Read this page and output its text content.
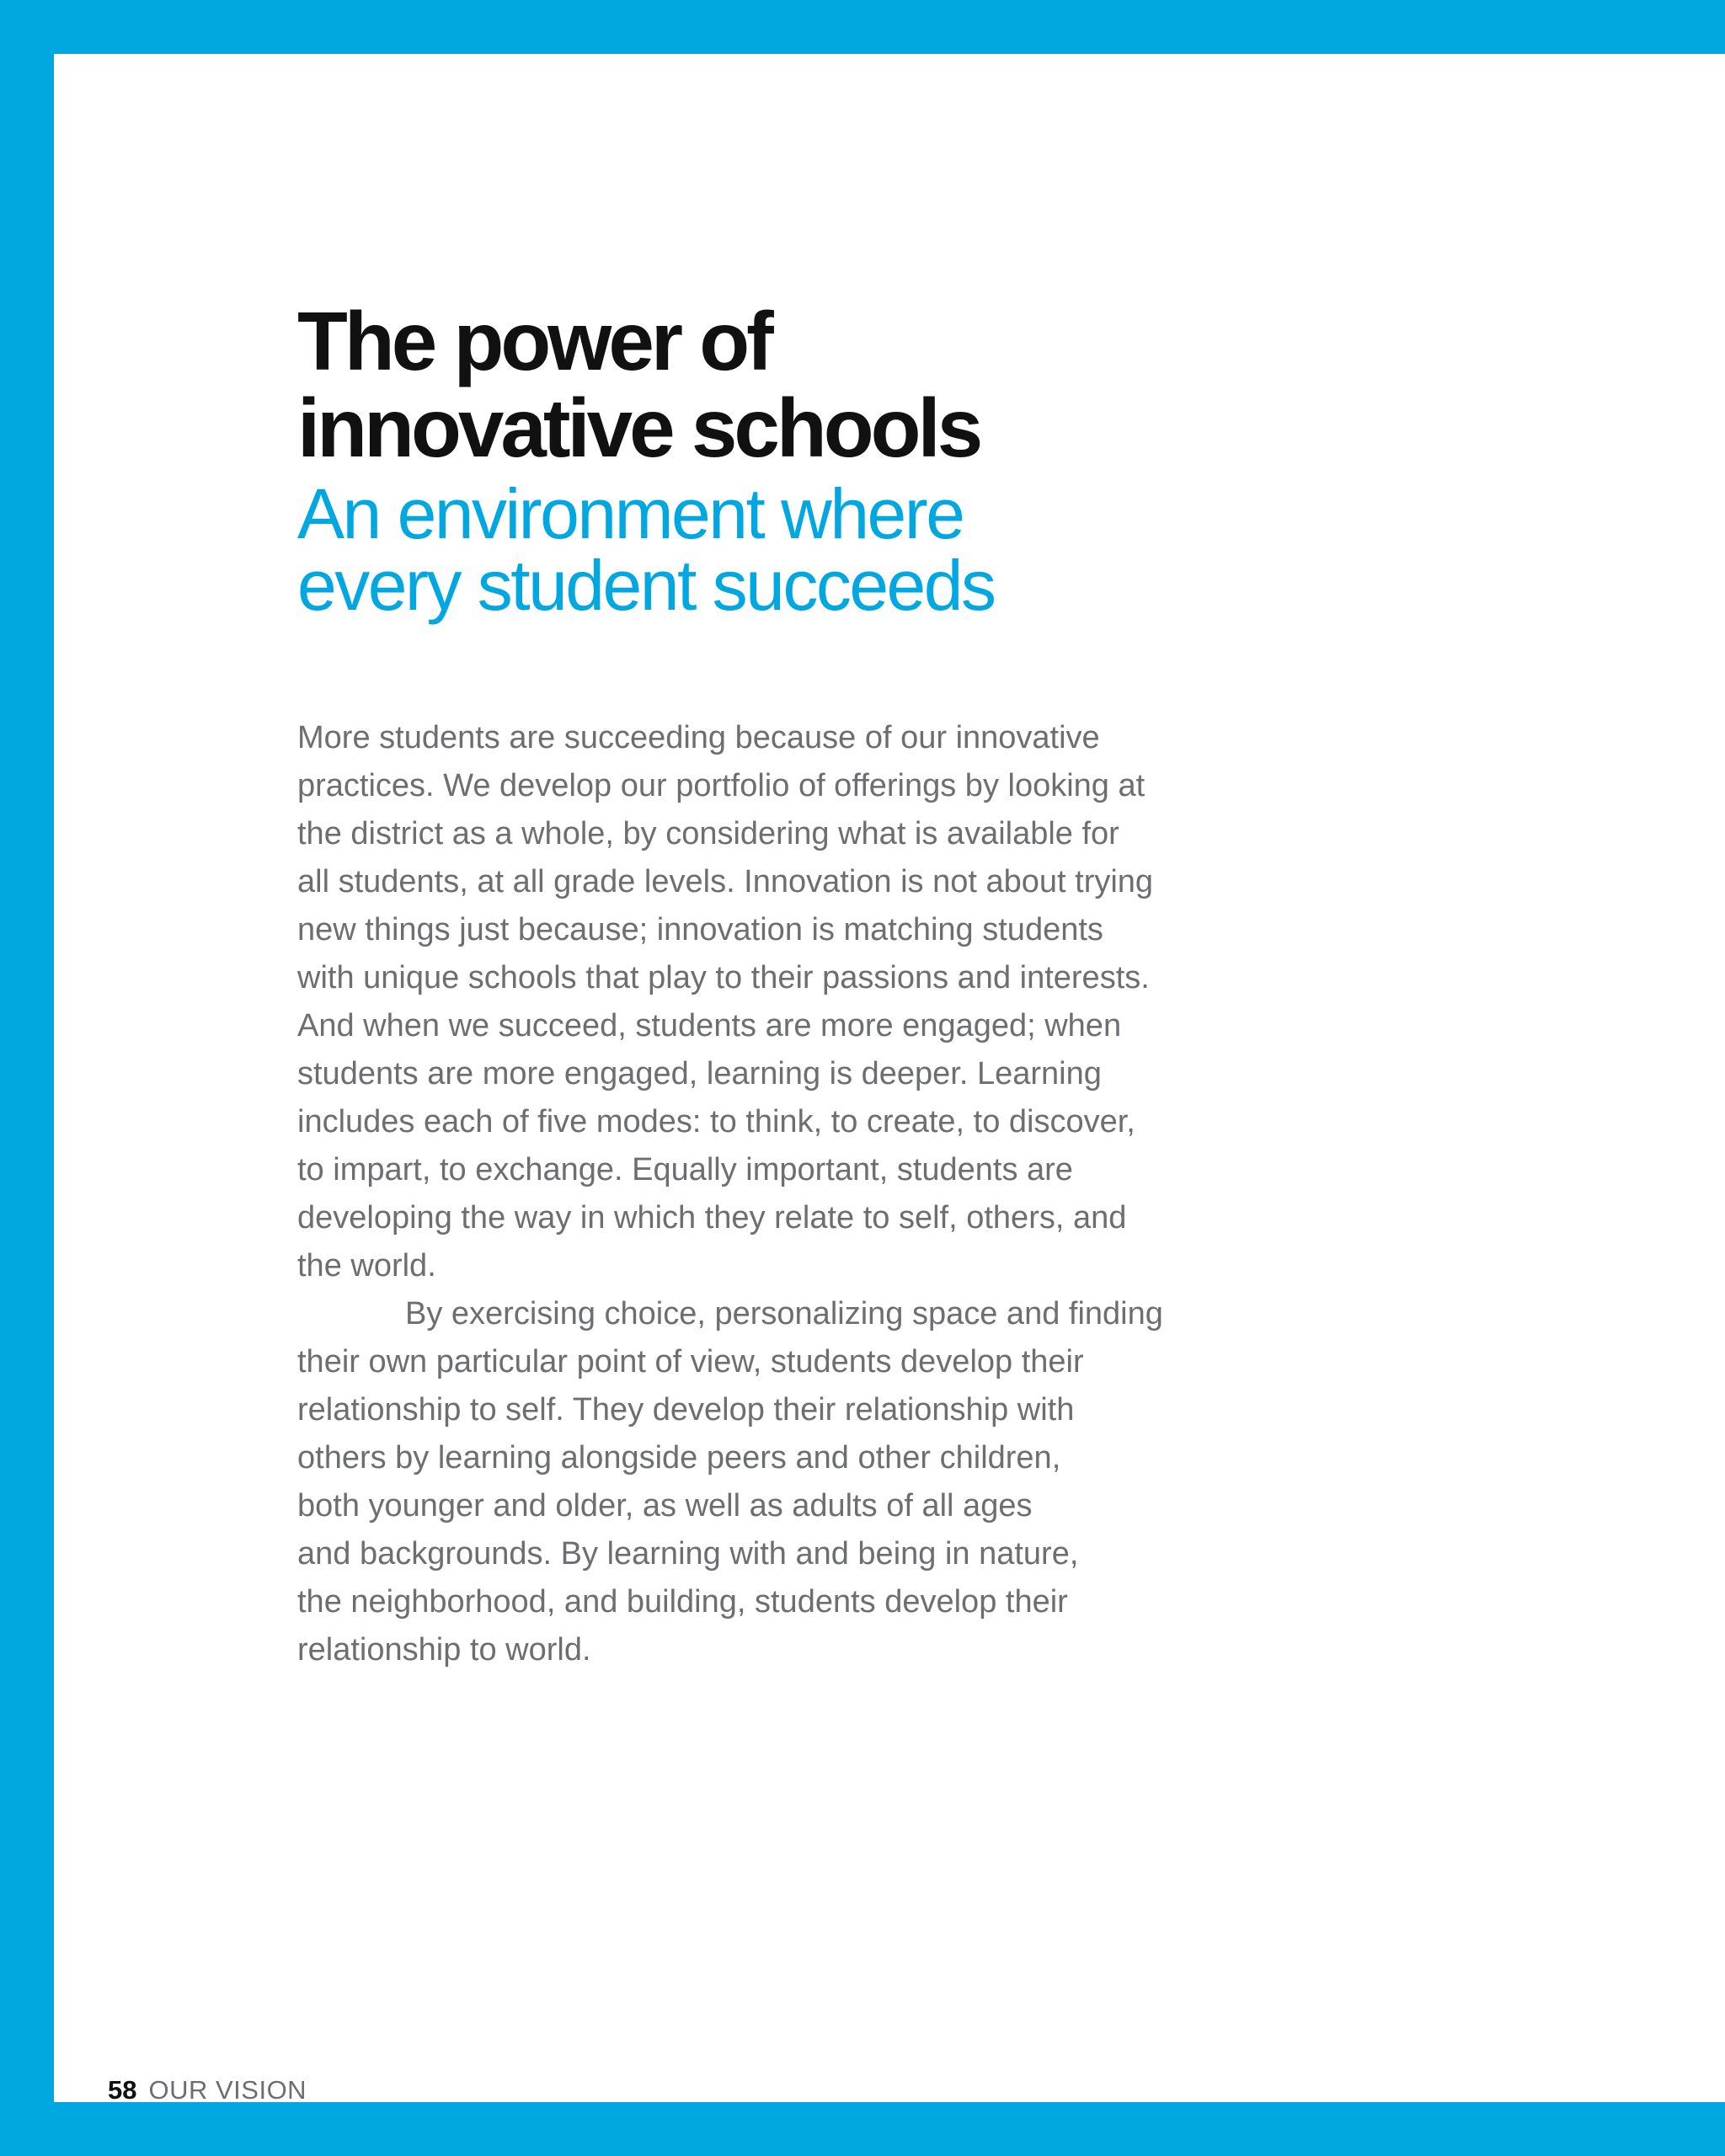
The power of
innovative schools
An environment where
every student succeeds
More students are succeeding because of our innovative
practices. We develop our portfolio of offerings by looking at
the district as a whole, by considering what is available for
all students, at all grade levels. Innovation is not about trying
new things just because; innovation is matching students
with unique schools that play to their passions and interests.
And when we succeed, students are more engaged; when
students are more engaged, learning is deeper. Learning
includes each of five modes: to think, to create, to discover,
to impart, to exchange. Equally important, students are
developing the way in which they relate to self, others, and
the world.
By exercising choice, personalizing space and finding
their own particular point of view, students develop their
relationship to self. They develop their relationship with
others by learning alongside peers and other children,
both younger and older, as well as adults of all ages
and backgrounds. By learning with and being in nature,
the neighborhood, and building, students develop their
relationship to world.
58 OUR VISION
